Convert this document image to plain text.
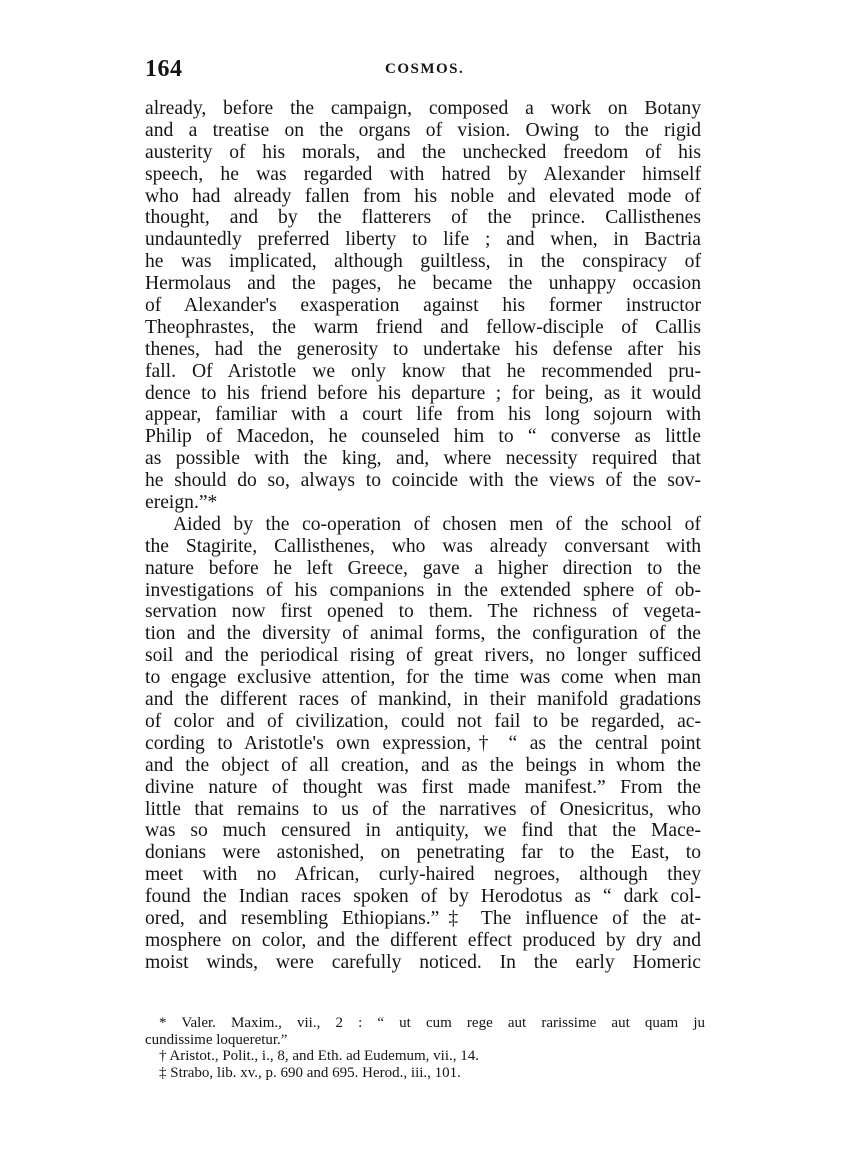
164	COSMOS.
already, before the campaign, composed a work on Botany
and a treatise on the organs of vision. Owing to the rigid
austerity of his morals, and the unchecked freedom of his
speech, he was regarded with hatred by Alexander himself
who had already fallen from his noble and elevated mode of
thought, and by the flatterers of the prince. Callisthenes
undauntedly preferred liberty to life ; and when, in Bactria
he was implicated, although guiltless, in the conspiracy of
Hermolaus and the pages, he became the unhappy occasion
of Alexander's exasperation against his former instructor
Theophrastes, the warm friend and fellow-disciple of Callis
thenes, had the generosity to undertake his defense after his
fall. Of Aristotle we only know that he recommended pru-
dence to his friend before his departure ; for being, as it would
appear, familiar with a court life from his long sojourn with
Philip of Macedon, he counseled him to “ converse as little
as possible with the king, and, where necessity required that
he should do so, always to coincide with the views of the sov-
ereign.”*
Aided by the co-operation of chosen men of the school of
the Stagirite, Callisthenes, who was already conversant with
nature before he left Greece, gave a higher direction to the
investigations of his companions in the extended sphere of ob-
servation now first opened to them. The richness of vegeta-
tion and the diversity of animal forms, the configuration of the
soil and the periodical rising of great rivers, no longer sufficed
to engage exclusive attention, for the time was come when man
and the different races of mankind, in their manifold gradations
of color and of civilization, could not fail to be regarded, ac-
cording to Aristotle's own expression,† “ as the central point
and the object of all creation, and as the beings in whom the
divine nature of thought was first made manifest.” From the
little that remains to us of the narratives of Onesicritus, who
was so much censured in antiquity, we find that the Mace-
donians were astonished, on penetrating far to the East, to
meet with no African, curly-haired negroes, although they
found the Indian races spoken of by Herodotus as “ dark col-
ored, and resembling Ethiopians.”‡ The influence of the at-
mosphere on color, and the different effect produced by dry and
moist winds, were carefully noticed. In the early Homeric
* Valer. Maxim., vii., 2 : “ ut cum rege aut rarissime aut quam ju
cundissime loqueretur.”
† Aristot., Polit., i., 8, and Eth. ad Eudemum, vii., 14.
‡ Strabo, lib. xv., p. 690 and 695. Herod., iii., 101.
